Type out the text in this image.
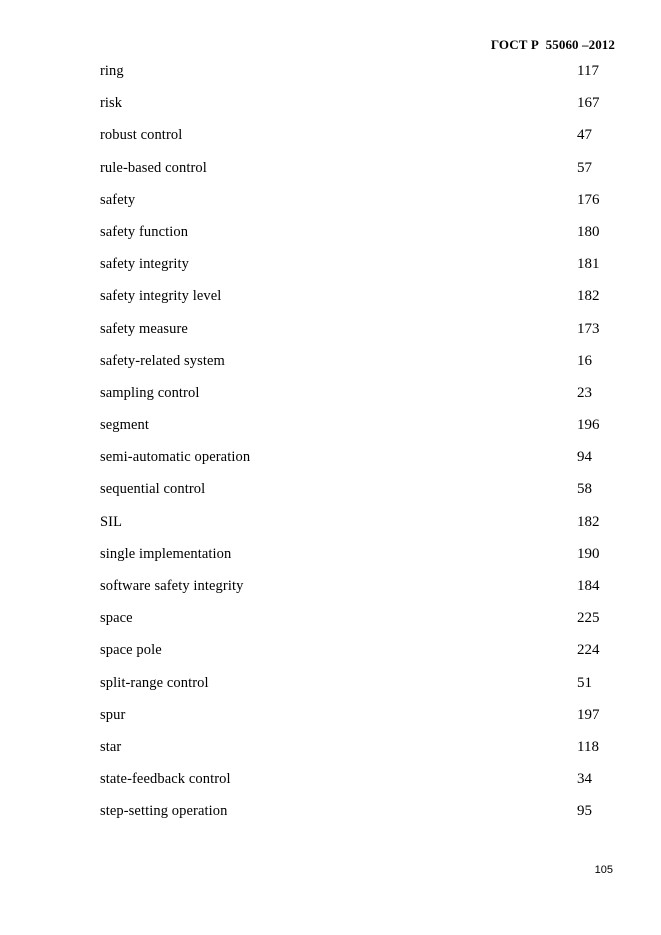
ГОСТ Р  55060 –2012
ring	117
risk	167
robust control	47
rule-based control	57
safety	176
safety function	180
safety integrity	181
safety integrity level	182
safety measure	173
safety-related system	16
sampling control	23
segment	196
semi-automatic operation	94
sequential control	58
SIL	182
single implementation	190
software safety integrity	184
space	225
space pole	224
split-range control	51
spur	197
star	118
state-feedback control	34
step-setting operation	95
105
